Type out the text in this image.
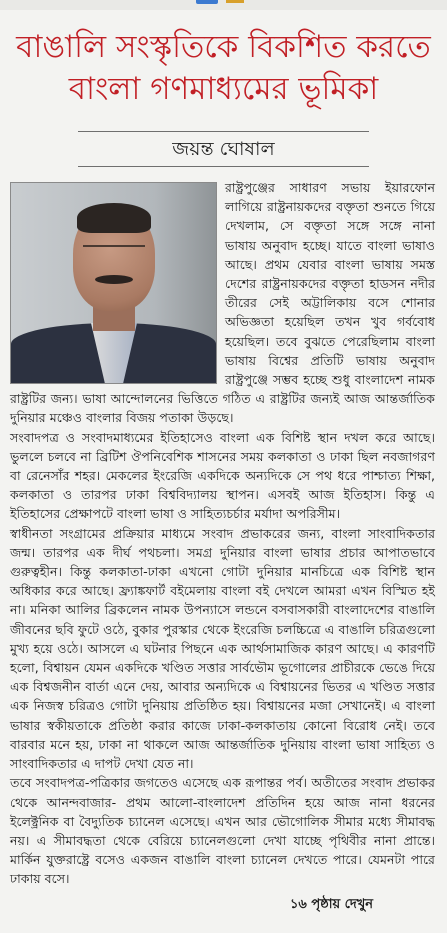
বাঙালি সংস্কৃতিকে বিকশিত করতে
বাংলা গণমাধ্যমের ভূমিকা

জয়ন্ত ঘোষাল

রাষ্ট্রপুঞ্জের সাধারণ সভায় ইয়ারফোন লাগিয়ে রাষ্ট্রনায়কদের বক্তৃতা শুনতে গিয়ে দেখলাম, সে বক্তৃতা সঙ্গে সঙ্গে নানা ভাষায় অনুবাদ হচ্ছে। যাতে বাংলা ভাষাও আছে। প্রথম যেবার বাংলা ভাষায় সমস্ত দেশের রাষ্ট্রনায়কদের বক্তৃতা হাডসন নদীর তীরের সেই অট্টালিকায় বসে শোনার অভিজ্ঞতা হয়েছিল তখন খুব গর্ববোধ হয়েছিল। তবে বুঝতে পেরেছিলাম বাংলা ভাষায় বিশ্বের প্রতিটি ভাষায় অনুবাদ রাষ্ট্রপুঞ্জে সম্ভব হচ্ছে শুধু বাংলাদেশ নামক রাষ্ট্রটির জন্য। ভাষা আন্দোলনের ভিত্তিতে গঠিত এ রাষ্ট্রটির জন্যই আজ আন্তর্জাতিক দুনিয়ার মঞ্চেও বাংলার বিজয় পতাকা উড়ছে।

সংবাদপত্র ও সংবাদমাধ্যমের ইতিহাসেও বাংলা এক বিশিষ্ট স্থান দখল করে আছে। ভুললে চলবে না ব্রিটিশ ঔপনিবেশিক শাসনের সময় কলকাতা ও ঢাকা ছিল নবজাগরণ বা রেনেসাঁর শহর। মেকলের ইংরেজি একদিকে অন্যদিকে সে পথ ধরে পাশ্চাত্য শিক্ষা, কলকাতা ও তারপর ঢাকা বিশ্ববিদ্যালয় স্থাপন। এসবই আজ ইতিহাস। কিন্তু এ ইতিহাসের প্রেক্ষাপটে বাংলা ভাষা ও সাহিত্যচর্চার মর্যাদা অপরিসীম।

স্বাধীনতা সংগ্রামের প্রক্রিয়ার মাধ্যমে সংবাদ প্রভাকরের জন্য, বাংলা সাংবাদিকতার জন্ম। তারপর এক দীর্ঘ পথচলা। সমগ্র দুনিয়ার বাংলা ভাষার প্রচার আপাতভাবে গুরুত্বহীন। কিন্তু কলকাতা-ঢাকা এখনো গোটা দুনিয়ার মানচিত্রে এক বিশিষ্ট স্থান অধিকার করে আছে। ফ্র্যাঙ্কফার্ট বইমেলায় বাংলা বই দেখলে আমরা এখন বিস্মিত হই না। মনিকা আলির ব্রিকলেন নামক উপন্যাসে লন্ডনে বসবাসকারী বাংলাদেশের বাঙালি জীবনের ছবি ফুটে ওঠে, বুকার পুরস্কার থেকে ইংরেজি চলচ্চিত্রে এ বাঙালি চরিত্রগুলো মুখ্য হয়ে ওঠে। আসলে এ ঘটনার পিছনে এক আর্থসামাজিক কারণ আছে। এ কারণটি হলো, বিশ্বায়ন যেমন একদিকে খণ্ডিত সত্তার সার্বভৌম ভূগোলের প্রাচীরকে ভেঙে দিয়ে এক বিশ্বজনীন বার্তা এনে দেয়, আবার অন্যদিকে এ বিশ্বায়নের ভিতর এ খণ্ডিত সত্তার এক নিজস্ব চরিত্রও গোটা দুনিয়ায় প্রতিষ্ঠিত হয়। বিশ্বায়নের মজা সেখানেই। এ বাংলা ভাষার স্বকীয়তাকে প্রতিষ্ঠা করার কাজে ঢাকা-কলকাতায় কোনো বিরোধ নেই। তবে বারবার মনে হয়, ঢাকা না থাকলে আজ আন্তর্জাতিক দুনিয়ায় বাংলা ভাষা সাহিত্য ও সাংবাদিকতার এ দাপট দেখা যেত না।

তবে সংবাদপত্র-পত্রিকার জগতেও এসেছে এক রূপান্তর পর্ব। অতীতের সংবাদ প্রভাকর থেকে আনন্দবাজার- প্রথম আলো-বাংলাদেশ প্রতিদিন হয়ে আজ নানা ধরনের ইলেক্ট্রনিক বা বৈদ্যুতিক চ্যানেল এসেছে। এখন আর ভৌগোলিক সীমার মধ্যে সীমাবদ্ধ নয়। এ সীমাবদ্ধতা থেকে বেরিয়ে চ্যানেলগুলো দেখা যাচ্ছে পৃথিবীর নানা প্রান্তে। মার্কিন যুক্তরাষ্ট্রে বসেও একজন বাঙালি বাংলা চ্যানেল দেখতে পারে। যেমনটা পারে ঢাকায় বসে।

১৬ পৃষ্ঠায় দেখুন
